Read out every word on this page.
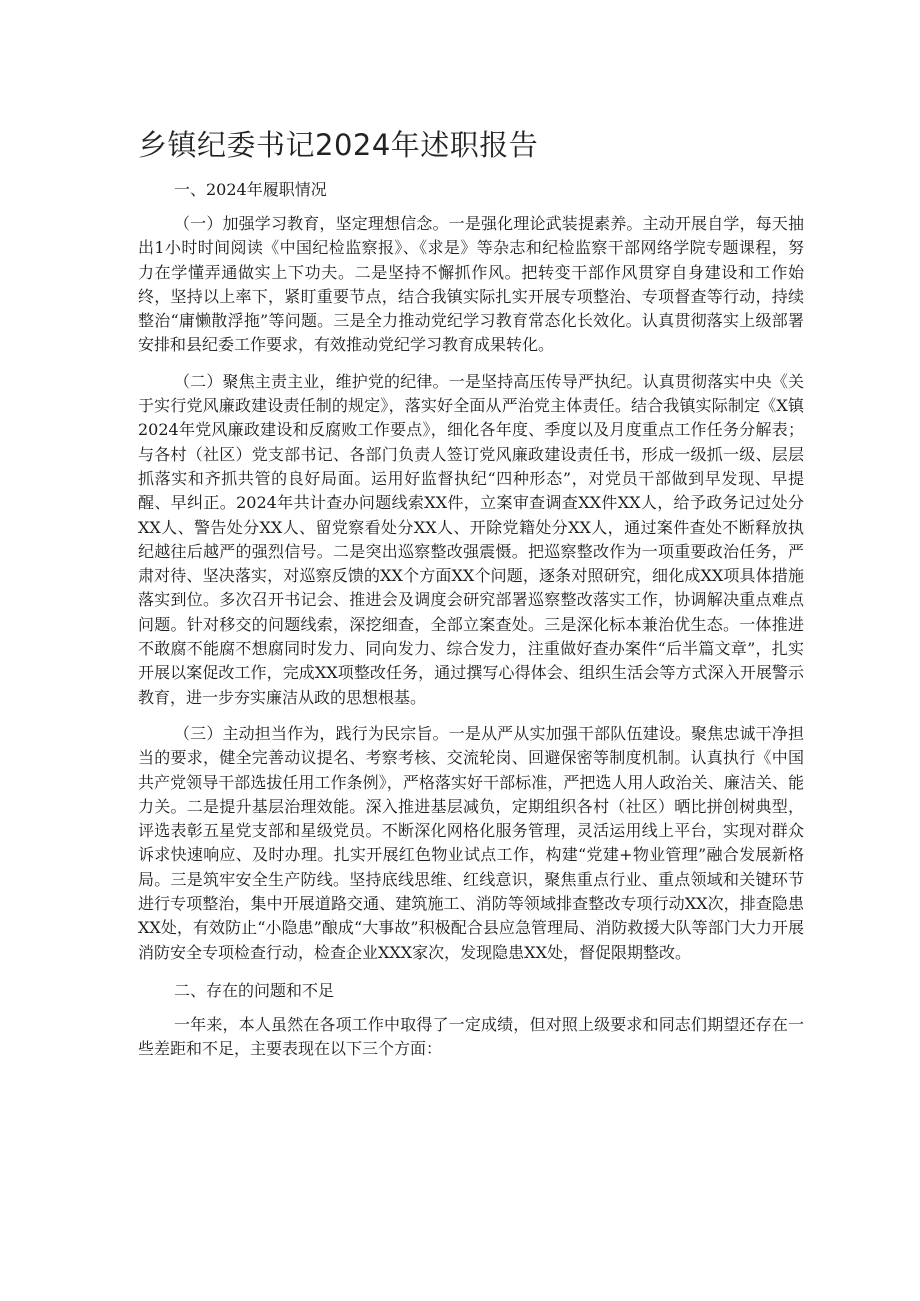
乡镇纪委书记2024年述职报告
一、2024年履职情况

（一）加强学习教育，坚定理想信念。一是强化理论武装提素养。主动开展自学，每天抽出1小时时间阅读《中国纪检监察报》、《求是》等杂志和纪检监察干部网络学院专题课程，努力在学懂弄通做实上下功夫。二是坚持不懈抓作风。把转变干部作风贯穿自身建设和工作始终，坚持以上率下，紧盯重要节点，结合我镇实际扎实开展专项整治、专项督查等行动，持续整治“庸懒散浮拖”等问题。三是全力推动党纪学习教育常态化长效化。认真贯彻落实上级部署安排和县纪委工作要求，有效推动党纪学习教育成果转化。

（二）聚焦主责主业，维护党的纪律。一是坚持高压传导严执纪。认真贯彻落实中央《关于实行党风廉政建设责任制的规定》，落实好全面从严治党主体责任。结合我镇实际制定《X镇2024年党风廉政建设和反腐败工作要点》，细化各年度、季度以及月度重点工作任务分解表；与各村（社区）党支部书记、各部门负责人签订党风廉政建设责任书，形成一级抓一级、层层抓落实和齐抓共管的良好局面。运用好监督执纪“四种形态”，对党员干部做到早发现、早提醒、早纠正。2024年共计查办问题线索XX件，立案审查调查XX件XX人，给予政务记过处分XX人、警告处分XX人、留党察看处分XX人、开除党籍处分XX人，通过案件查处不断释放执纪越往后越严的强烈信号。二是突出巡察整改强震慑。把巡察整改作为一项重要政治任务，严肃对待、坚决落实，对巡察反馈的XX个方面XX个问题，逐条对照研究，细化成XX项具体措施落实到位。多次召开书记会、推进会及调度会研究部署巡察整改落实工作，协调解决重点难点问题。针对移交的问题线索，深挖细查，全部立案查处。三是深化标本兼治优生态。一体推进不敢腐不能腐不想腐同时发力、同向发力、综合发力，注重做好查办案件“后半篇文章”，扎实开展以案促改工作，完成XX项整改任务，通过撰写心得体会、组织生活会等方式深入开展警示教育，进一步夯实廉洁从政的思想根基。

（三）主动担当作为，践行为民宗旨。一是从严从实加强干部队伍建设。聚焦忠诚干净担当的要求，健全完善动议提名、考察考核、交流轮岗、回避保密等制度机制。认真执行《中国共产党领导干部选拔任用工作条例》，严格落实好干部标准，严把选人用人政治关、廉洁关、能力关。二是提升基层治理效能。深入推进基层减负，定期组织各村（社区）晒比拼创树典型，评选表彰五星党支部和星级党员。不断深化网格化服务管理，灵活运用线上平台，实现对群众诉求快速响应、及时办理。扎实开展红色物业试点工作，构建“党建+物业管理”融合发展新格局。三是筑牢安全生产防线。坚持底线思维、红线意识，聚焦重点行业、重点领域和关键环节进行专项整治，集中开展道路交通、建筑施工、消防等领域排查整改专项行动XX次，排查隐患XX处，有效防止“小隐患”酿成“大事故”积极配合县应急管理局、消防救援大队等部门大力开展消防安全专项检查行动，检查企业XXX家次，发现隐患XX处，督促限期整改。

二、存在的问题和不足

一年来，本人虽然在各项工作中取得了一定成绩，但对照上级要求和同志们期望还存在一些差距和不足，主要表现在以下三个方面：
